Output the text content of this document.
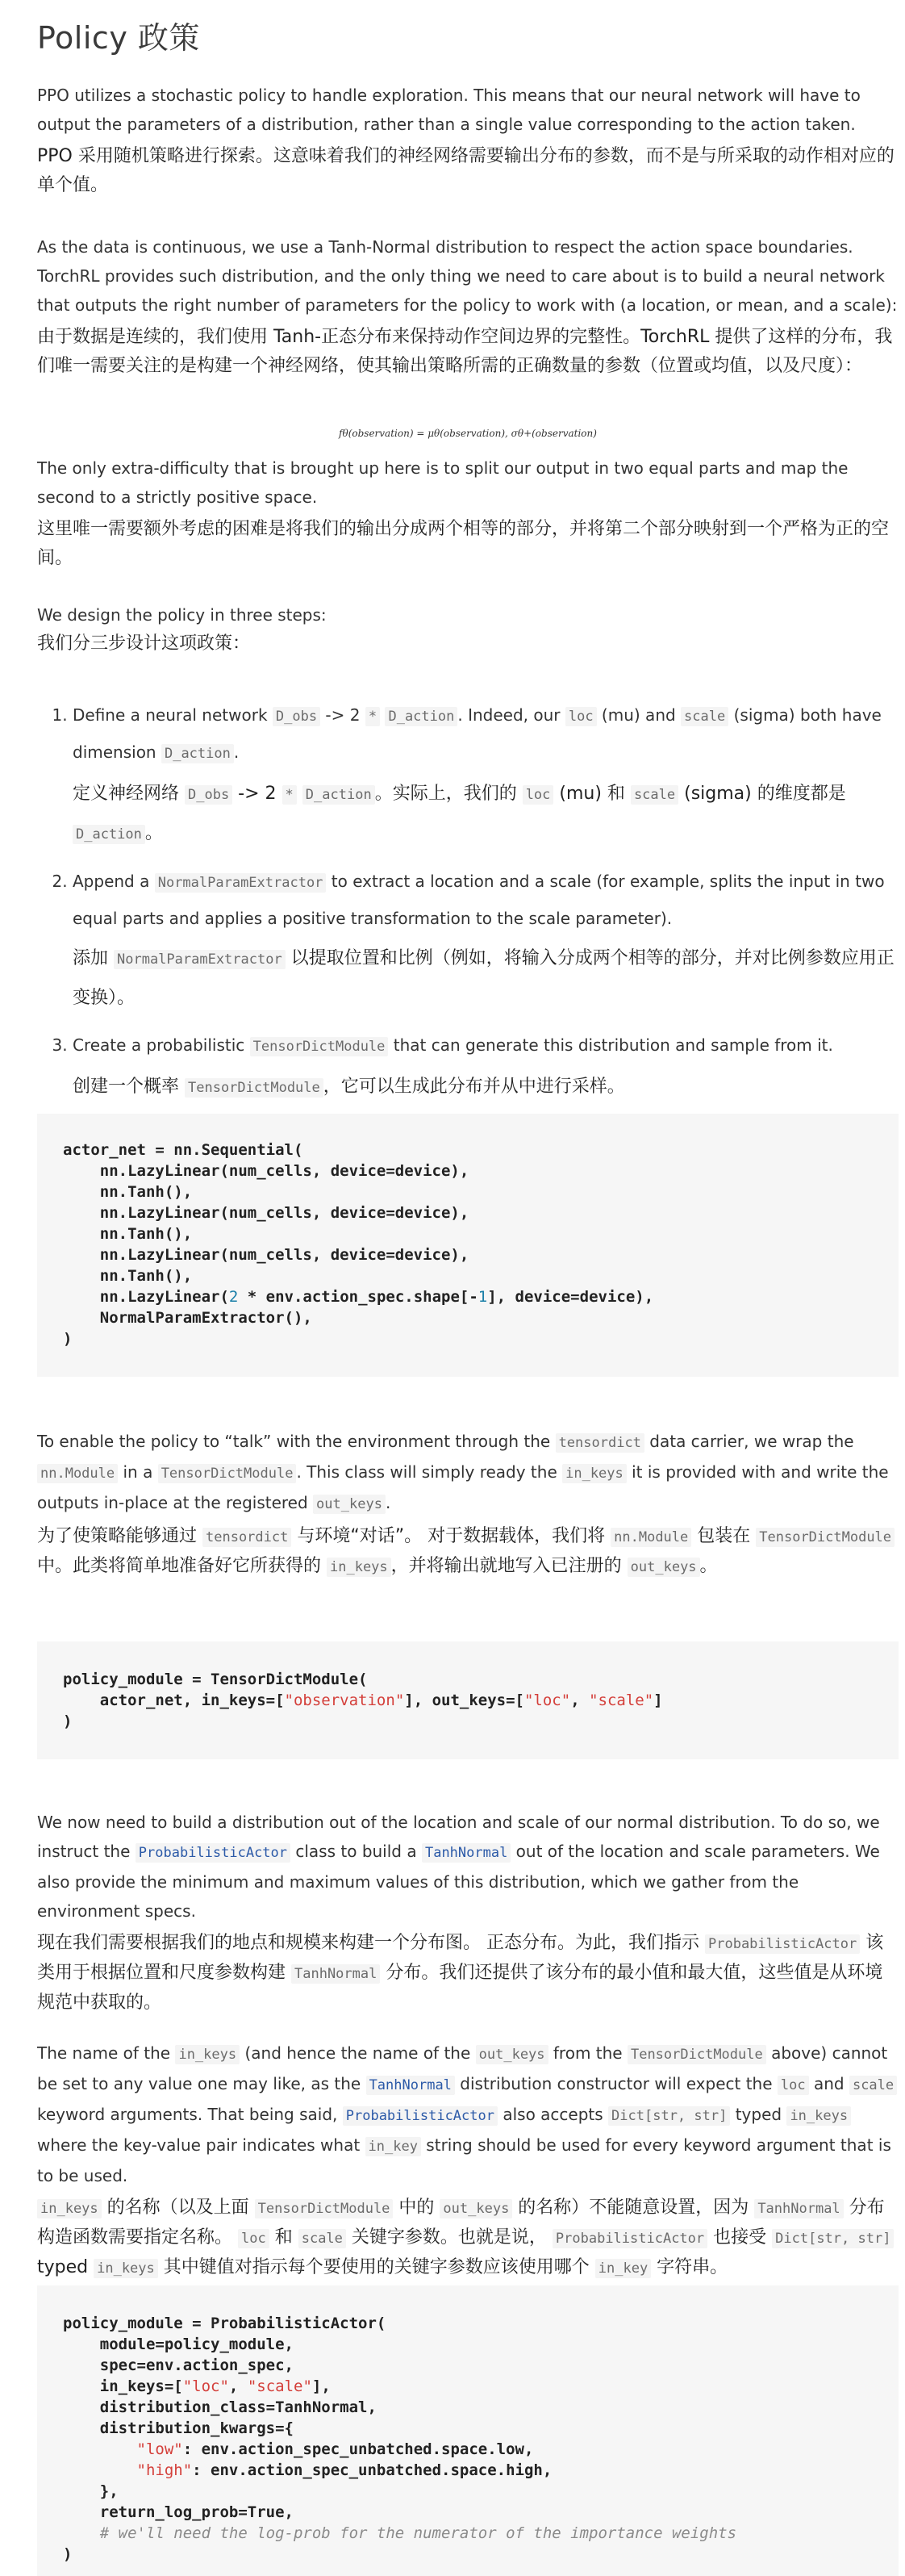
Policy 政策

PPO utilizes a stochastic policy to handle exploration. This means that our neural network will have to output the parameters of a distribution, rather than a single value corresponding to the action taken.

PPO 采用随机策略进行探索。这意味着我们的神经网络需要输出分布的参数，而不是与所采取的动作相对应的单个值。

As the data is continuous, we use a Tanh-Normal distribution to respect the action space boundaries. TorchRL provides such distribution, and the only thing we need to care about is to build a neural network that outputs the right number of parameters for the policy to work with (a location, or mean, and a scale):

由于数据是连续的，我们使用 Tanh-正态分布来保持动作空间边界的完整性。TorchRL 提供了这样的分布，我们唯一需要关注的是构建一个神经网络，使其输出策略所需的正确数量的参数（位置或均值，以及尺度）：

fθ(observation) = μθ(observation), σθ+(observation)

The only extra-difficulty that is brought up here is to split our output in two equal parts and map the second to a strictly positive space.

这里唯一需要额外考虑的困难是将我们的输出分成两个相等的部分，并将第二个部分映射到一个严格为正的空间。

We design the policy in three steps:

我们分三步设计这项政策：

1. Define a neural network D_obs -> 2 * D_action . Indeed, our loc (mu) and scale (sigma) both have dimension D_action .

定义神经网络 D_obs -> 2 * D_action 。实际上，我们的 loc (mu) 和 scale (sigma) 的维度都是 D_action 。

2. Append a NormalParamExtractor to extract a location and a scale (for example, splits the input in two equal parts and applies a positive transformation to the scale parameter).

添加 NormalParamExtractor 以提取位置和比例（例如，将输入分成两个相等的部分，并对比例参数应用正变换）。

3. Create a probabilistic TensorDictModule that can generate this distribution and sample from it.

创建一个概率 TensorDictModule ，它可以生成此分布并从中进行采样。

actor_net = nn.Sequential(
nn.LazyLinear(num_cells, device=device),
nn.Tanh(),
nn.LazyLinear(num_cells, device=device),
nn.Tanh(),
nn.LazyLinear(num_cells, device=device),
nn.Tanh(),
nn.LazyLinear(2 * env.action_spec.shape[-1], device=device),
NormalParamExtractor(),
)

To enable the policy to “talk” with the environment through the tensordict data carrier, we wrap the nn.Module in a TensorDictModule . This class will simply ready the in_keys it is provided with and write the outputs in-place at the registered out_keys .

为了使策略能够通过 tensordict 与环境“对话”。 对于数据载体，我们将 nn.Module 包装在 TensorDictModule 中。此类将简单地准备好它所获得的 in_keys ，并将输出就地写入已注册的 out_keys 。

policy_module = TensorDictModule(
actor_net, in_keys=["observation"], out_keys=["loc", "scale"]
)

We now need to build a distribution out of the location and scale of our normal distribution. To do so, we instruct the ProbabilisticActor class to build a TanhNormal out of the location and scale parameters. We also provide the minimum and maximum values of this distribution, which we gather from the environment specs.

现在我们需要根据我们的地点和规模来构建一个分布图。 正态分布。为此，我们指示 ProbabilisticActor 该类用于根据位置和尺度参数构建 TanhNormal 分布。我们还提供了该分布的最小值和最大值，这些值是从环境规范中获取的。

The name of the in_keys (and hence the name of the out_keys from the TensorDictModule above) cannot be set to any value one may like, as the TanhNormal distribution constructor will expect the loc and scale keyword arguments. That being said, ProbabilisticActor also accepts Dict[str, str] typed in_keys where the key-value pair indicates what in_key string should be used for every keyword argument that is to be used.

in_keys 的名称（以及上面 TensorDictModule 中的 out_keys 的名称）不能随意设置，因为 TanhNormal 分布构造函数需要指定名称。 loc 和 scale 关键字参数。也就是说， ProbabilisticActor 也接受 Dict[str, str] typed in_keys 其中键值对指示每个要使用的关键字参数应该使用哪个 in_key 字符串。

policy_module = ProbabilisticActor(
module=policy_module,
spec=env.action_spec,
in_keys=["loc", "scale"],
distribution_class=TanhNormal,
distribution_kwargs={
"low": env.action_spec_unbatched.space.low,
"high": env.action_spec_unbatched.space.high,
},
return_log_prob=True,
# we'll need the log-prob for the numerator of the importance weights
)
